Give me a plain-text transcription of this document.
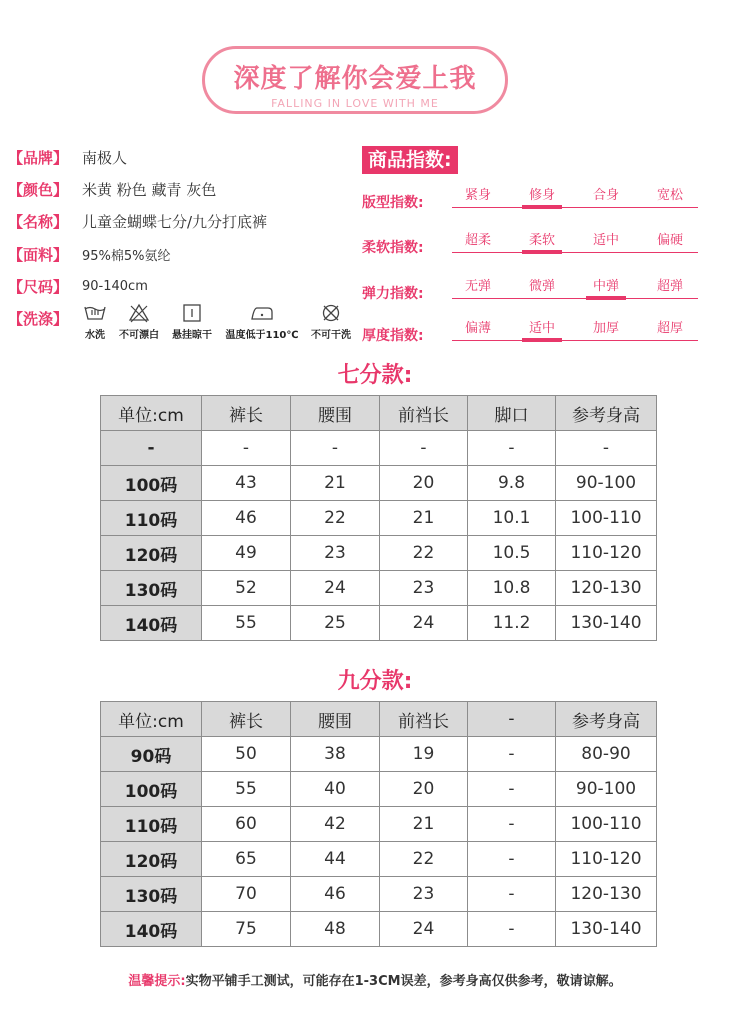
深度了解你会爱上我
FALLING IN LOVE WITH ME
【品牌】 南极人
【颜色】 米黄 粉色 藏青 灰色
【名称】 儿童金蝴蝶七分/九分打底裤
【面料】	95%棉5%氨纶
【尺码】	90-140cm
【洗涤】
水洗	不可漂白	悬挂晾干	温度低于110℃	不可干洗
商品指数:
版型指数:	紧身	修身	合身	宽松
柔软指数:	超柔	柔软	适中	偏硬
弹力指数:	无弹	微弹	中弹	超弹
厚度指数:	偏薄	适中	加厚	超厚
七分款:
单位:cm	裤长	腰围	前裆长	脚口	参考身高
-	-	-	-	-	-
100码	43	21	20	9.8	90-100
110码	46	22	21	10.1	100-110
120码	49	23	22	10.5	110-120
130码	52	24	23	10.8	120-130
140码	55	25	24	11.2	130-140
九分款:
单位:cm	裤长	腰围	前裆长	-	参考身高
90码	50	38	19	-	80-90
100码	55	40	20	-	90-100
110码	60	42	21	-	100-110
120码	65	44	22	-	110-120
130码	70	46	23	-	120-130
140码	75	48	24	-	130-140
温馨提示:实物平铺手工测试，可能存在1-3CM误差，参考身高仅供参考，敬请谅解。
